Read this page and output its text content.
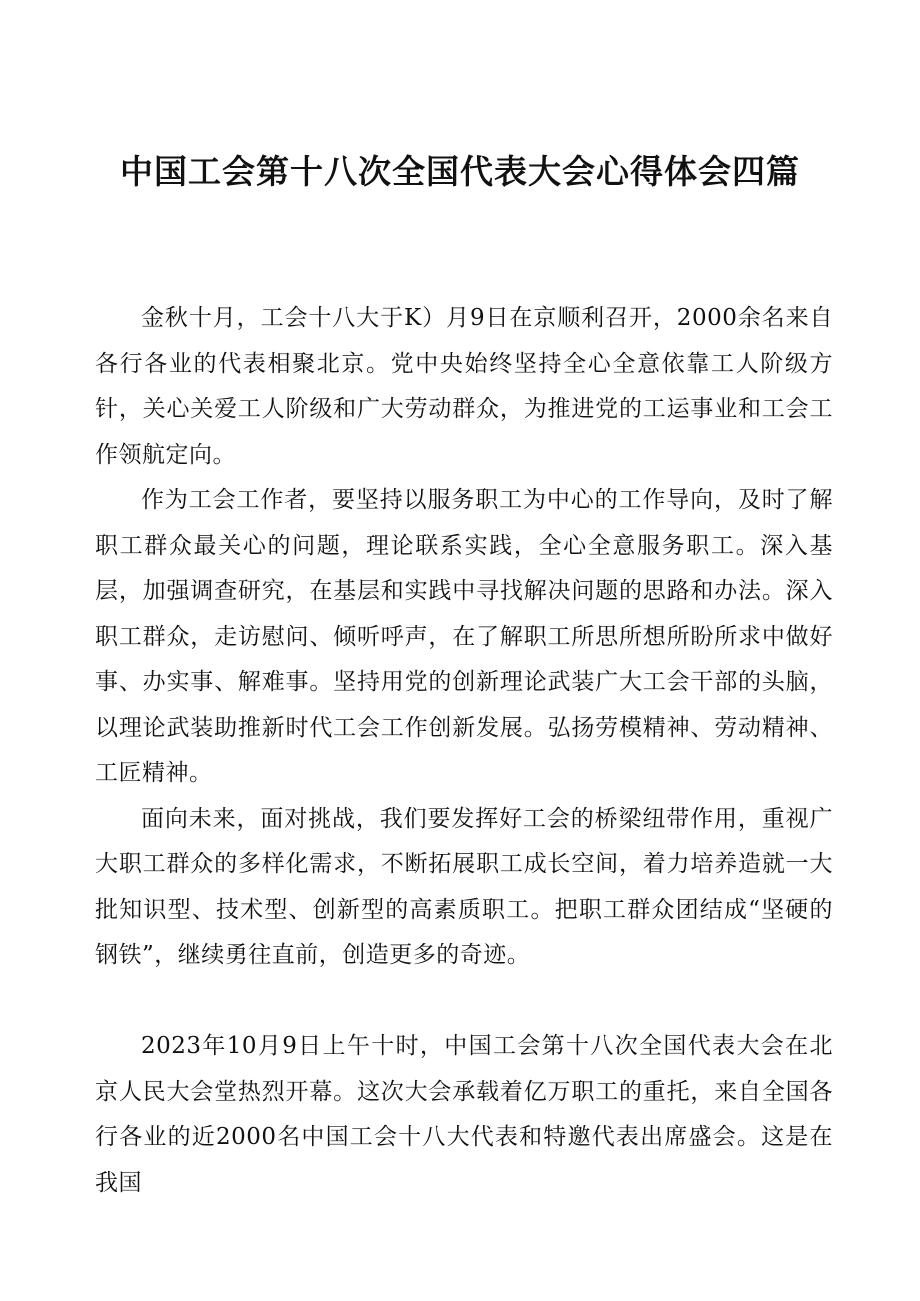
中国工会第十八次全国代表大会心得体会四篇

金秋十月，工会十八大于K）月9日在京顺利召开，2000余名来自各行各业的代表相聚北京。党中央始终坚持全心全意依靠工人阶级方针，关心关爱工人阶级和广大劳动群众，为推进党的工运事业和工会工作领航定向。

作为工会工作者，要坚持以服务职工为中心的工作导向，及时了解职工群众最关心的问题，理论联系实践，全心全意服务职工。深入基层，加强调查研究，在基层和实践中寻找解决问题的思路和办法。深入职工群众，走访慰问、倾听呼声，在了解职工所思所想所盼所求中做好事、办实事、解难事。坚持用党的创新理论武装广大工会干部的头脑，以理论武装助推新时代工会工作创新发展。弘扬劳模精神、劳动精神、工匠精神。

面向未来，面对挑战，我们要发挥好工会的桥梁纽带作用，重视广大职工群众的多样化需求，不断拓展职工成长空间，着力培养造就一大批知识型、技术型、创新型的高素质职工。把职工群众团结成“坚硬的钢铁”，继续勇往直前，创造更多的奇迹。

2023年10月9日上午十时，中国工会第十八次全国代表大会在北京人民大会堂热烈开幕。这次大会承载着亿万职工的重托，来自全国各行各业的近2000名中国工会十八大代表和特邀代表出席盛会。这是在我国
